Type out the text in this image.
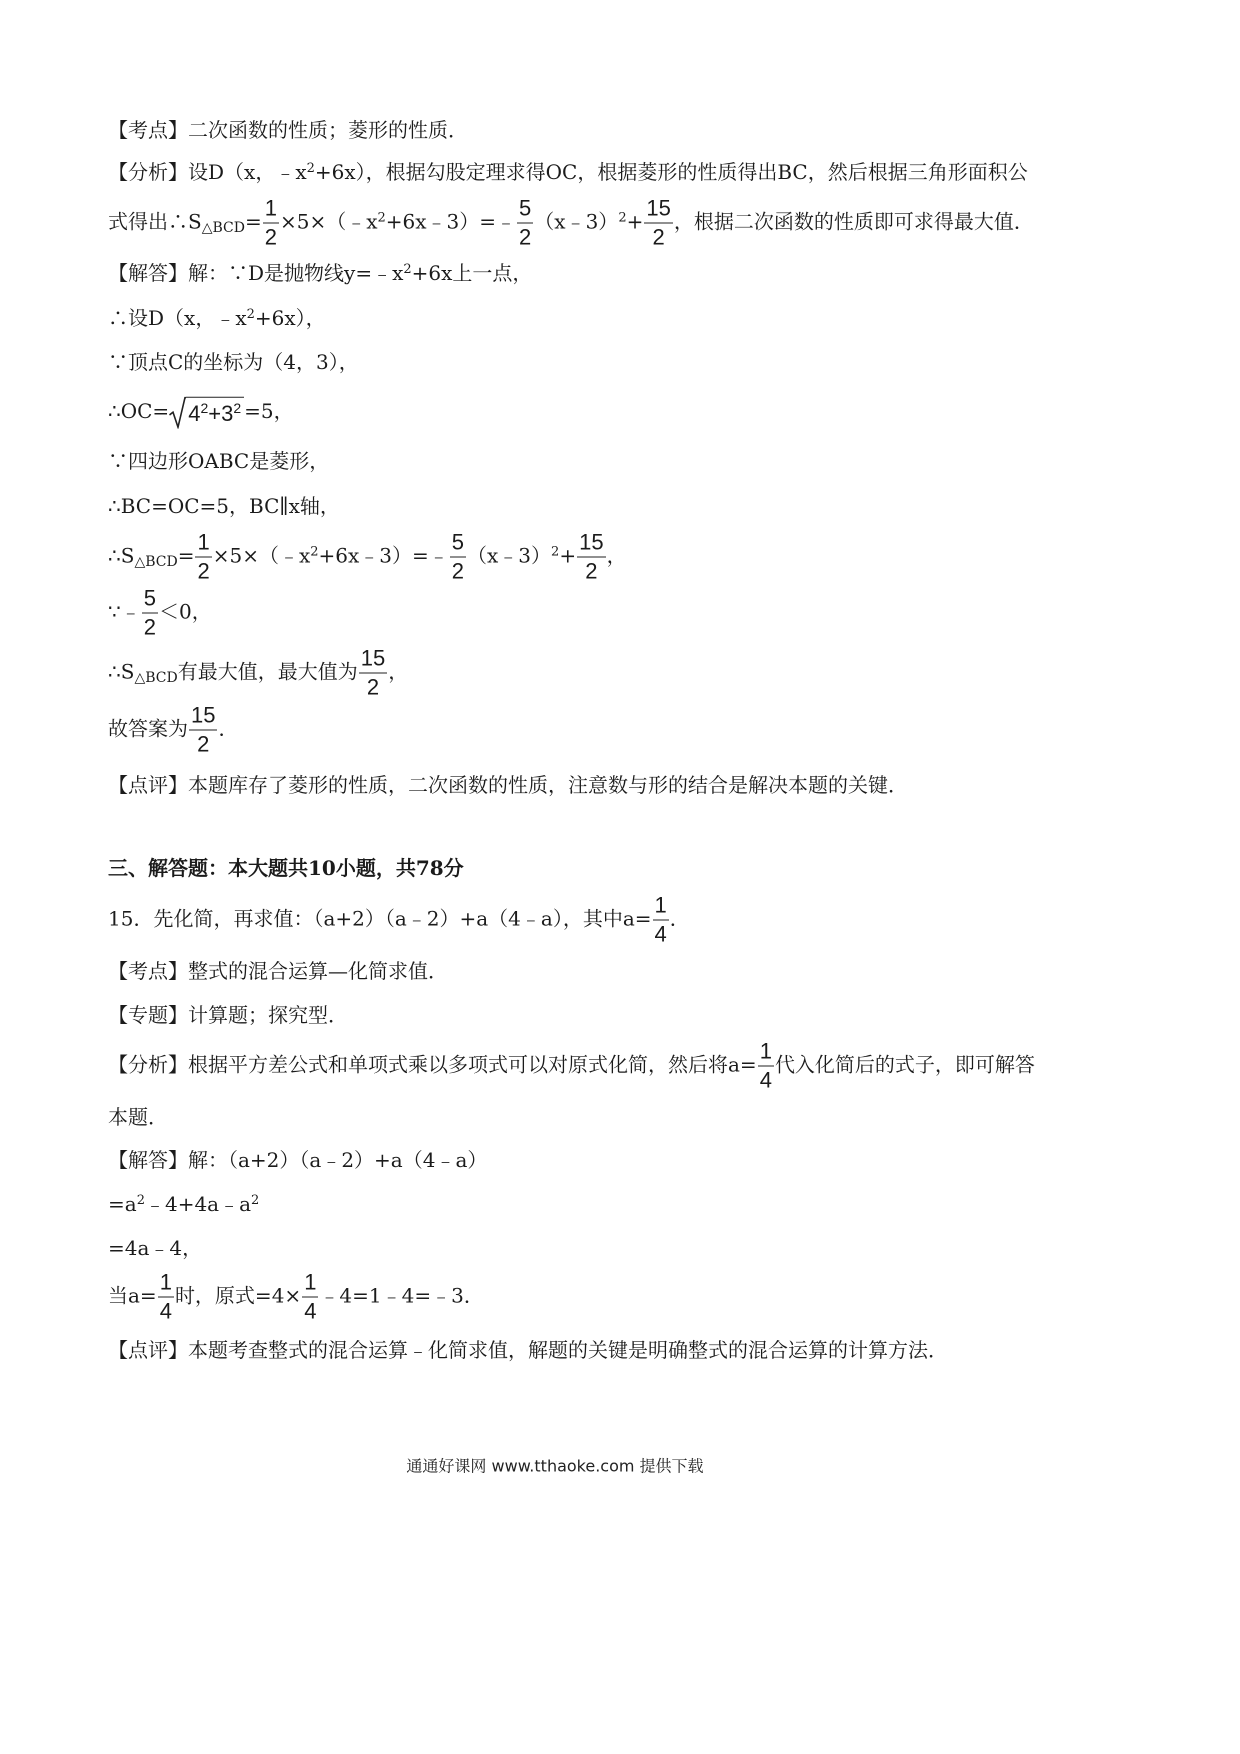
【考点】二次函数的性质；菱形的性质．
【分析】设D（x，$﹣x^2+6x$），根据勾股定理求得OC，根据菱形的性质得出BC，然后根据三角形面积公
式得出$\therefore S_{\triangle BCD}= \frac{1}{2}$ $\times 5\times(﹣x^2+6x﹣3)=﹣ \frac{5}{2}$ （x﹣3）$^2$+ $\frac{15}{2}$ ，根据二次函数的性质即可求得最大值．
【解答】解：∵D是抛物线$y=﹣x^2+6x$上一点，
∴设D（x，$﹣x^2+6x$），
∵顶点C的坐标为（4，3），
∴OC= $4^2+3^2 =5$，
∵四边形OABC是菱形，
∴BC=OC=5，BC∥x轴，
$\therefore S_{\triangle BCD}= \frac{1}{2}$ $\times 5\times(﹣x^2+6x﹣3)=﹣ \frac{5}{2}$ （x﹣3）$^2$+ $\frac{15}{2}$ ，
∵﹣ $\frac{5}{2} <0$，
$\therefore S_{\triangle BCD}$有最大值，最大值为 $\frac{15}{2}$ ，
故答案为 $\frac{15}{2}$ ．
【点评】本题库存了菱形的性质，二次函数的性质，注意数与形的结合是解决本题的关键．
三、解答题：本大题共10小题，共78分
15．先化简，再求值：（a+2）（a﹣2）+a（4﹣a），其中$a= \frac{1}{4}$ ．
【考点】整式的混合运算—化简求值．
【专题】计算题；探究型．
【分析】根据平方差公式和单项式乘以多项式可以对原式化简，然后将$a= \frac{1}{4}$ 代入化简后的式子，即可解答
本题．
【解答】解：（a+2）（a﹣2）+a（4﹣a）
$=a^2﹣4+4a﹣a^2$
=4a﹣4，
当$a= \frac{1}{4}$ 时，原式$=4\times \frac{1}{4}$ ﹣4=1﹣4=﹣3．
【点评】本题考查整式的混合运算﹣化简求值，解题的关键是明确整式的混合运算的计算方法．
通通好课网 www.tthaoke.com 提供下载
